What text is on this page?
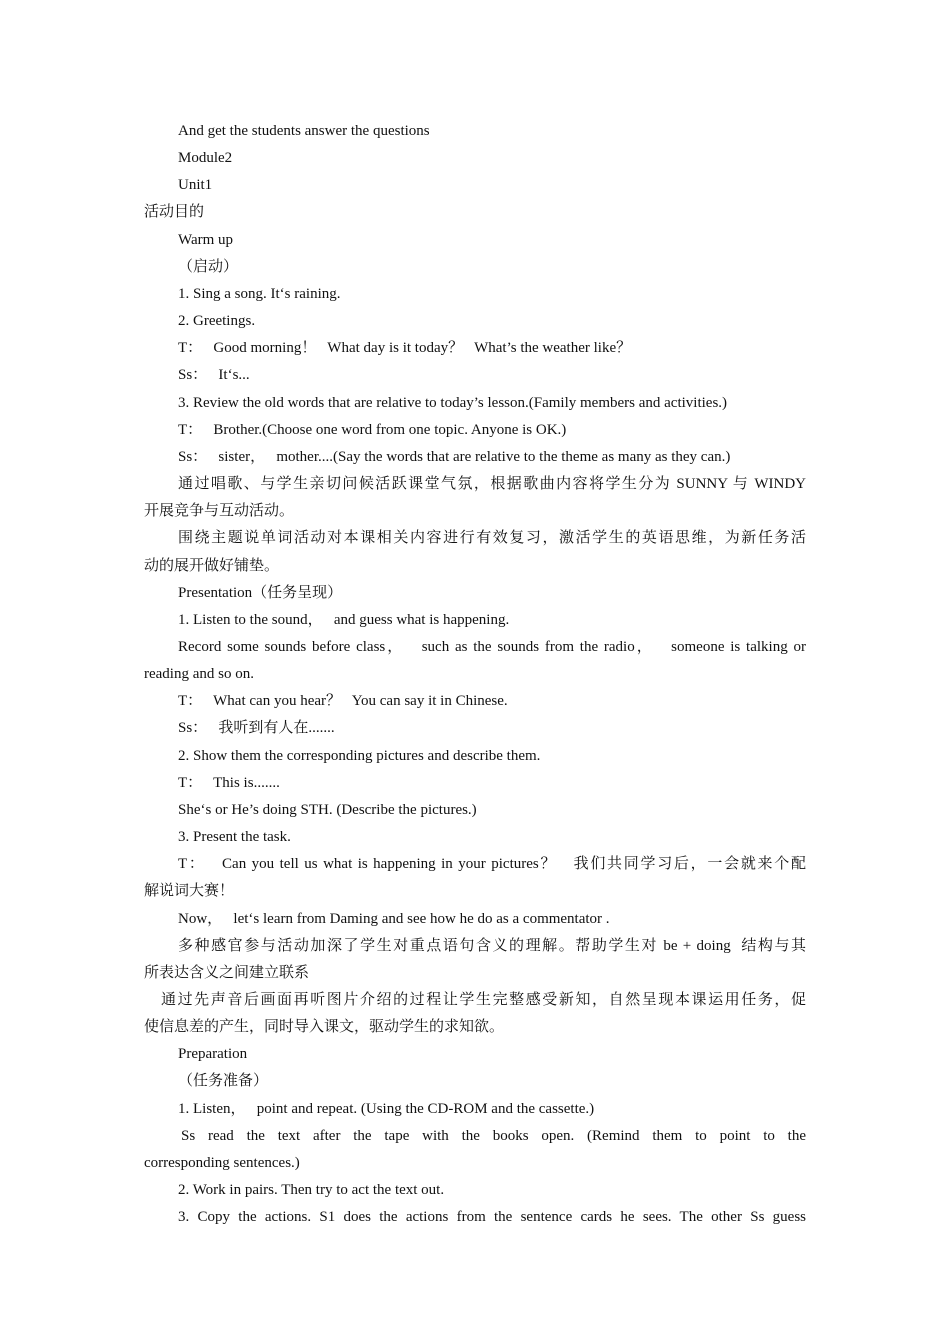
And get the students answer the questions

Module2

Unit1

活动目的

Warm up

（启动）

1. Sing a song. It‘s raining.

2. Greetings.

T：   Good morning！   What day is it today？   What’s the weather like？

Ss：   It‘s...

3. Review the old words that are relative to today’s lesson.(Family members and activities.)

T：   Brother.(Choose one word from one topic. Anyone is OK.)

Ss：   sister，   mother....(Say the words that are relative to the theme as many as they can.)

通过唱歌、与学生亲切问候活跃课堂气氛，根据歌曲内容将学生分为 SUNNY 与 WINDY

开展竞争与互动活动。

围绕主题说单词活动对本课相关内容进行有效复习，激活学生的英语思维，为新任务活

动的展开做好铺垫。

Presentation（任务呈现）

1. Listen to the sound，   and guess what is happening.

Record some sounds before class，   such as the sounds from the radio，   someone is talking or

reading and so on.

T：   What can you hear？   You can say it in Chinese.

Ss：   我听到有人在.......

2. Show them the corresponding pictures and describe them.

T：   This is.......

She‘s or He’s doing STH. (Describe the pictures.)

3. Present the task.

T：   Can you tell us what is happening in your pictures？   我们共同学习后，一会就来个配

解说词大赛！

Now，   let‘s learn from Daming and see how he do as a commentator .

多种感官参与活动加深了学生对重点语句含义的理解。帮助学生对 be + doing  结构与其

所表达含义之间建立联系

通过先声音后画面再听图片介绍的过程让学生完整感受新知，自然呈现本课运用任务，促

使信息差的产生，同时导入课文，驱动学生的求知欲。

Preparation

（任务准备）

1. Listen，   point and repeat. (Using the CD-ROM and the cassette.)

Ss  read  the  text  after  the  tape  with  the  books  open.  (Remind  them  to  point  to  the

corresponding sentences.)

2. Work in pairs. Then try to act the text out.

3. Copy the actions. S1 does the actions from the sentence cards he sees. The other Ss guess
